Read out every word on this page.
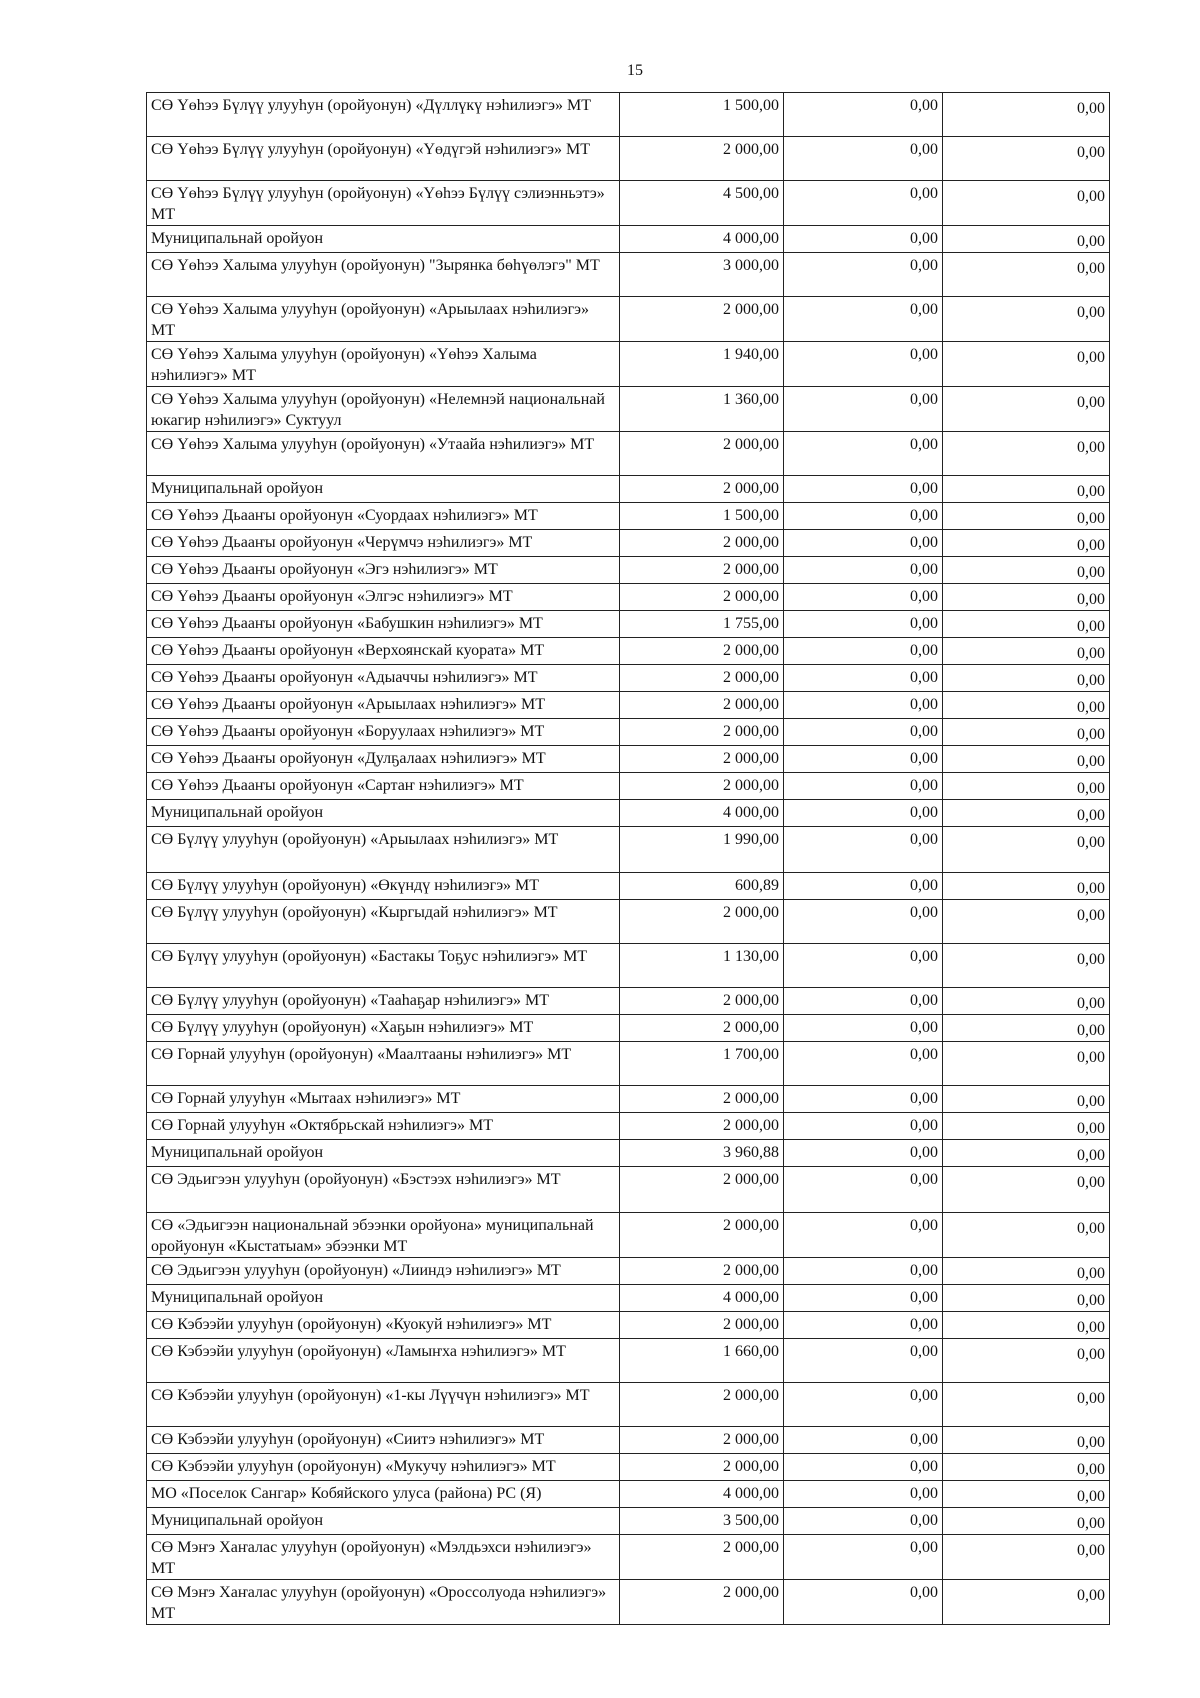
15
СӨ Үөһээ Бүлүү улууһун (оройуонун) «Дүллүкү нэһилиэгэ» МТ	1 500,00	0,00	0,00
СӨ Үөһээ Бүлүү улууһун (оройуонун) «Үөдүгэй нэһилиэгэ» МТ	2 000,00	0,00	0,00
СӨ Үөһээ Бүлүү улууһун (оройуонун) «Үөһээ Бүлүү сэлиэнньэтэ» МТ	4 500,00	0,00	0,00
Муниципальнай оройуон	4 000,00	0,00	0,00
СӨ Үөһээ Халыма улууһун (оройуонун) "Зырянка бөһүөлэгэ" МТ	3 000,00	0,00	0,00
СӨ Үөһээ Халыма улууһун (оройуонун) «Арыылаах нэһилиэгэ» МТ	2 000,00	0,00	0,00
СӨ Үөһээ Халыма улууһун (оройуонун) «Үөһээ Халыма нэһилиэгэ» МТ	1 940,00	0,00	0,00
СӨ Үөһээ Халыма улууһун (оройуонун) «Нелемнэй национальнай юкагир нэһилиэгэ» Суктуул	1 360,00	0,00	0,00
СӨ Үөһээ Халыма улууһун (оройуонун) «Утаайа нэһилиэгэ» МТ	2 000,00	0,00	0,00
Муниципальнай оройуон	2 000,00	0,00	0,00
СӨ Үөһээ Дьааҥы оройуонун «Суордаах нэһилиэгэ» МТ	1 500,00	0,00	0,00
СӨ Үөһээ Дьааҥы оройуонун «Черүмчэ нэһилиэгэ» МТ	2 000,00	0,00	0,00
СӨ Үөһээ Дьааҥы оройуонун «Эгэ нэһилиэгэ» МТ	2 000,00	0,00	0,00
СӨ Үөһээ Дьааҥы оройуонун «Элгэс нэһилиэгэ» МТ	2 000,00	0,00	0,00
СӨ Үөһээ Дьааҥы оройуонун «Бабушкин нэһилиэгэ» МТ	1 755,00	0,00	0,00
СӨ Үөһээ Дьааҥы оройуонун «Верхоянскай куората» МТ	2 000,00	0,00	0,00
СӨ Үөһээ Дьааҥы оройуонун «Адыаччы нэһилиэгэ» МТ	2 000,00	0,00	0,00
СӨ Үөһээ Дьааҥы оройуонун «Арыылаах нэһилиэгэ» МТ	2 000,00	0,00	0,00
СӨ Үөһээ Дьааҥы оройуонун «Боруулаах нэһилиэгэ» МТ	2 000,00	0,00	0,00
СӨ Үөһээ Дьааҥы оройуонун «Дулҕалаах нэһилиэгэ» МТ	2 000,00	0,00	0,00
СӨ Үөһээ Дьааҥы оройуонун «Сартаҥ нэһилиэгэ» МТ	2 000,00	0,00	0,00
Муниципальнай оройуон	4 000,00	0,00	0,00
СӨ Бүлүү улууһун (оройуонун) «Арыылаах нэһилиэгэ» МТ	1 990,00	0,00	0,00
СӨ Бүлүү улууһун (оройуонун) «Өкүндү нэһилиэгэ» МТ	600,89	0,00	0,00
СӨ Бүлүү улууһун (оройуонун) «Кыргыдай нэһилиэгэ» МТ	2 000,00	0,00	0,00
СӨ Бүлүү улууһун (оройуонун) «Бастакы Тоҕус нэһилиэгэ» МТ	1 130,00	0,00	0,00
СӨ Бүлүү улууһун (оройуонун) «Тааһаҕар нэһилиэгэ» МТ	2 000,00	0,00	0,00
СӨ Бүлүү улууһун (оройуонун) «Хаҕын нэһилиэгэ» МТ	2 000,00	0,00	0,00
СӨ Горнай улууһун (оройуонун) «Маалтааны нэһилиэгэ» МТ	1 700,00	0,00	0,00
СӨ Горнай улууһун «Мытаах нэһилиэгэ» МТ	2 000,00	0,00	0,00
СӨ Горнай улууһун «Октябрьскай нэһилиэгэ» МТ	2 000,00	0,00	0,00
Муниципальнай оройуон	3 960,88	0,00	0,00
СӨ Эдьигээн улууһун (оройуонун) «Бэстээх нэһилиэгэ» МТ	2 000,00	0,00	0,00
СӨ «Эдьигээн национальнай эбээнки оройуона» муниципальнай оройуонун «Кыстатыам» эбээнки МТ	2 000,00	0,00	0,00
СӨ Эдьигээн улууһун (оройуонун) «Лииндэ нэһилиэгэ» МТ	2 000,00	0,00	0,00
Муниципальнай оройуон	4 000,00	0,00	0,00
СӨ Кэбээйи улууһун (оройуонун) «Куокуй нэһилиэгэ» МТ	2 000,00	0,00	0,00
СӨ Кэбээйи улууһун (оройуонун) «Ламыҥха нэһилиэгэ» МТ	1 660,00	0,00	0,00
СӨ Кэбээйи улууһун (оройуонун) «1-кы Лүүчүн нэһилиэгэ» МТ	2 000,00	0,00	0,00
СӨ Кэбээйи улууһун (оройуонун) «Сиитэ нэһилиэгэ» МТ	2 000,00	0,00	0,00
СӨ Кэбээйи улууһун (оройуонун) «Мукучу нэһилиэгэ» МТ	2 000,00	0,00	0,00
МО «Поселок Сангар» Кобяйского улуса (района) РС (Я)	4 000,00	0,00	0,00
Муниципальнай оройуон	3 500,00	0,00	0,00
СӨ Мэҥэ Хаҥалас улууһун (оройуонун) «Мэлдьэхси нэһилиэгэ» МТ	2 000,00	0,00	0,00
СӨ Мэҥэ Хаҥалас улууһун (оройуонун) «Ороссолуода нэһилиэгэ» МТ	2 000,00	0,00	0,00
